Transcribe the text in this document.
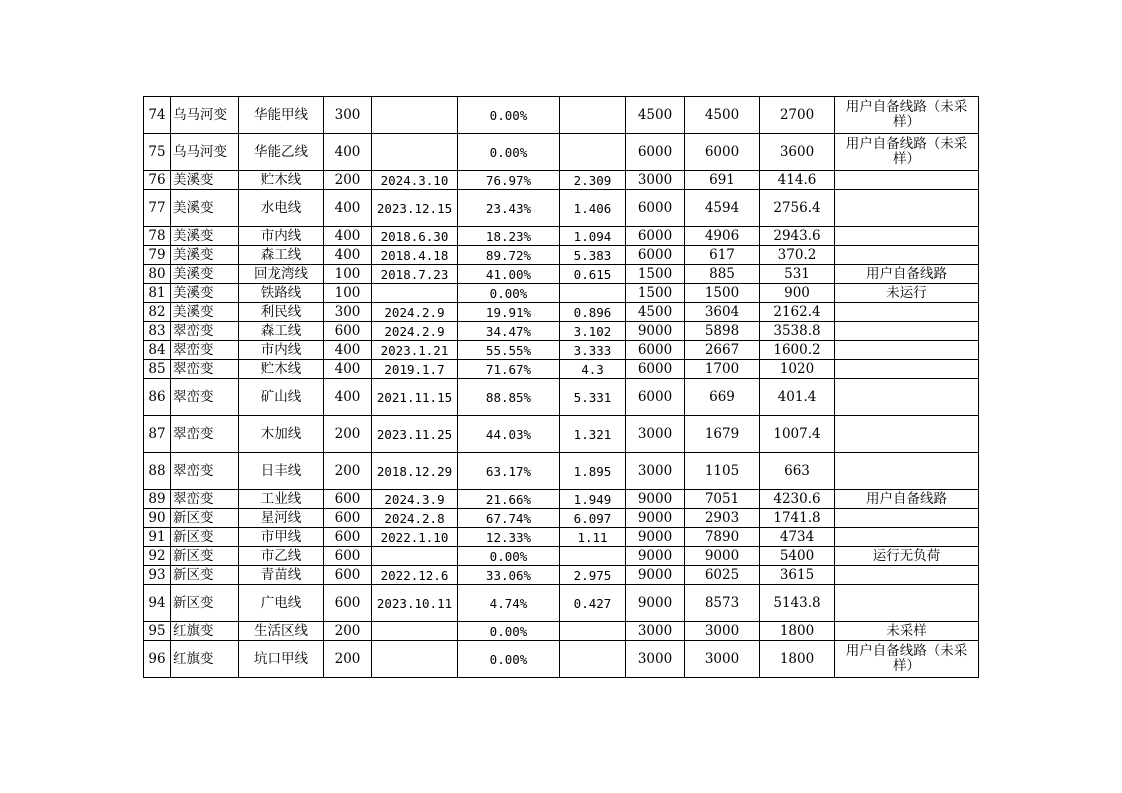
74	乌马河变	华能甲线	300		0.00%		4500	4500	2700	用户自备线路（未采样）
75	乌马河变	华能乙线	400		0.00%		6000	6000	3600	用户自备线路（未采样）
76	美溪变	贮木线	200	2024.3.10	76.97%	2.309	3000	691	414.6	
77	美溪变	水电线	400	2023.12.15	23.43%	1.406	6000	4594	2756.4	
78	美溪变	市内线	400	2018.6.30	18.23%	1.094	6000	4906	2943.6	
79	美溪变	森工线	400	2018.4.18	89.72%	5.383	6000	617	370.2	
80	美溪变	回龙湾线	100	2018.7.23	41.00%	0.615	1500	885	531	用户自备线路
81	美溪变	铁路线	100		0.00%		1500	1500	900	未运行
82	美溪变	利民线	300	2024.2.9	19.91%	0.896	4500	3604	2162.4	
83	翠峦变	森工线	600	2024.2.9	34.47%	3.102	9000	5898	3538.8	
84	翠峦变	市内线	400	2023.1.21	55.55%	3.333	6000	2667	1600.2	
85	翠峦变	贮木线	400	2019.1.7	71.67%	4.3	6000	1700	1020	
86	翠峦变	矿山线	400	2021.11.15	88.85%	5.331	6000	669	401.4	
87	翠峦变	木加线	200	2023.11.25	44.03%	1.321	3000	1679	1007.4	
88	翠峦变	日丰线	200	2018.12.29	63.17%	1.895	3000	1105	663	
89	翠峦变	工业线	600	2024.3.9	21.66%	1.949	9000	7051	4230.6	用户自备线路
90	新区变	星河线	600	2024.2.8	67.74%	6.097	9000	2903	1741.8	
91	新区变	市甲线	600	2022.1.10	12.33%	1.11	9000	7890	4734	
92	新区变	市乙线	600		0.00%		9000	9000	5400	运行无负荷
93	新区变	青苗线	600	2022.12.6	33.06%	2.975	9000	6025	3615	
94	新区变	广电线	600	2023.10.11	4.74%	0.427	9000	8573	5143.8	
95	红旗变	生活区线	200		0.00%		3000	3000	1800	未采样
96	红旗变	坑口甲线	200		0.00%		3000	3000	1800	用户自备线路（未采样）
